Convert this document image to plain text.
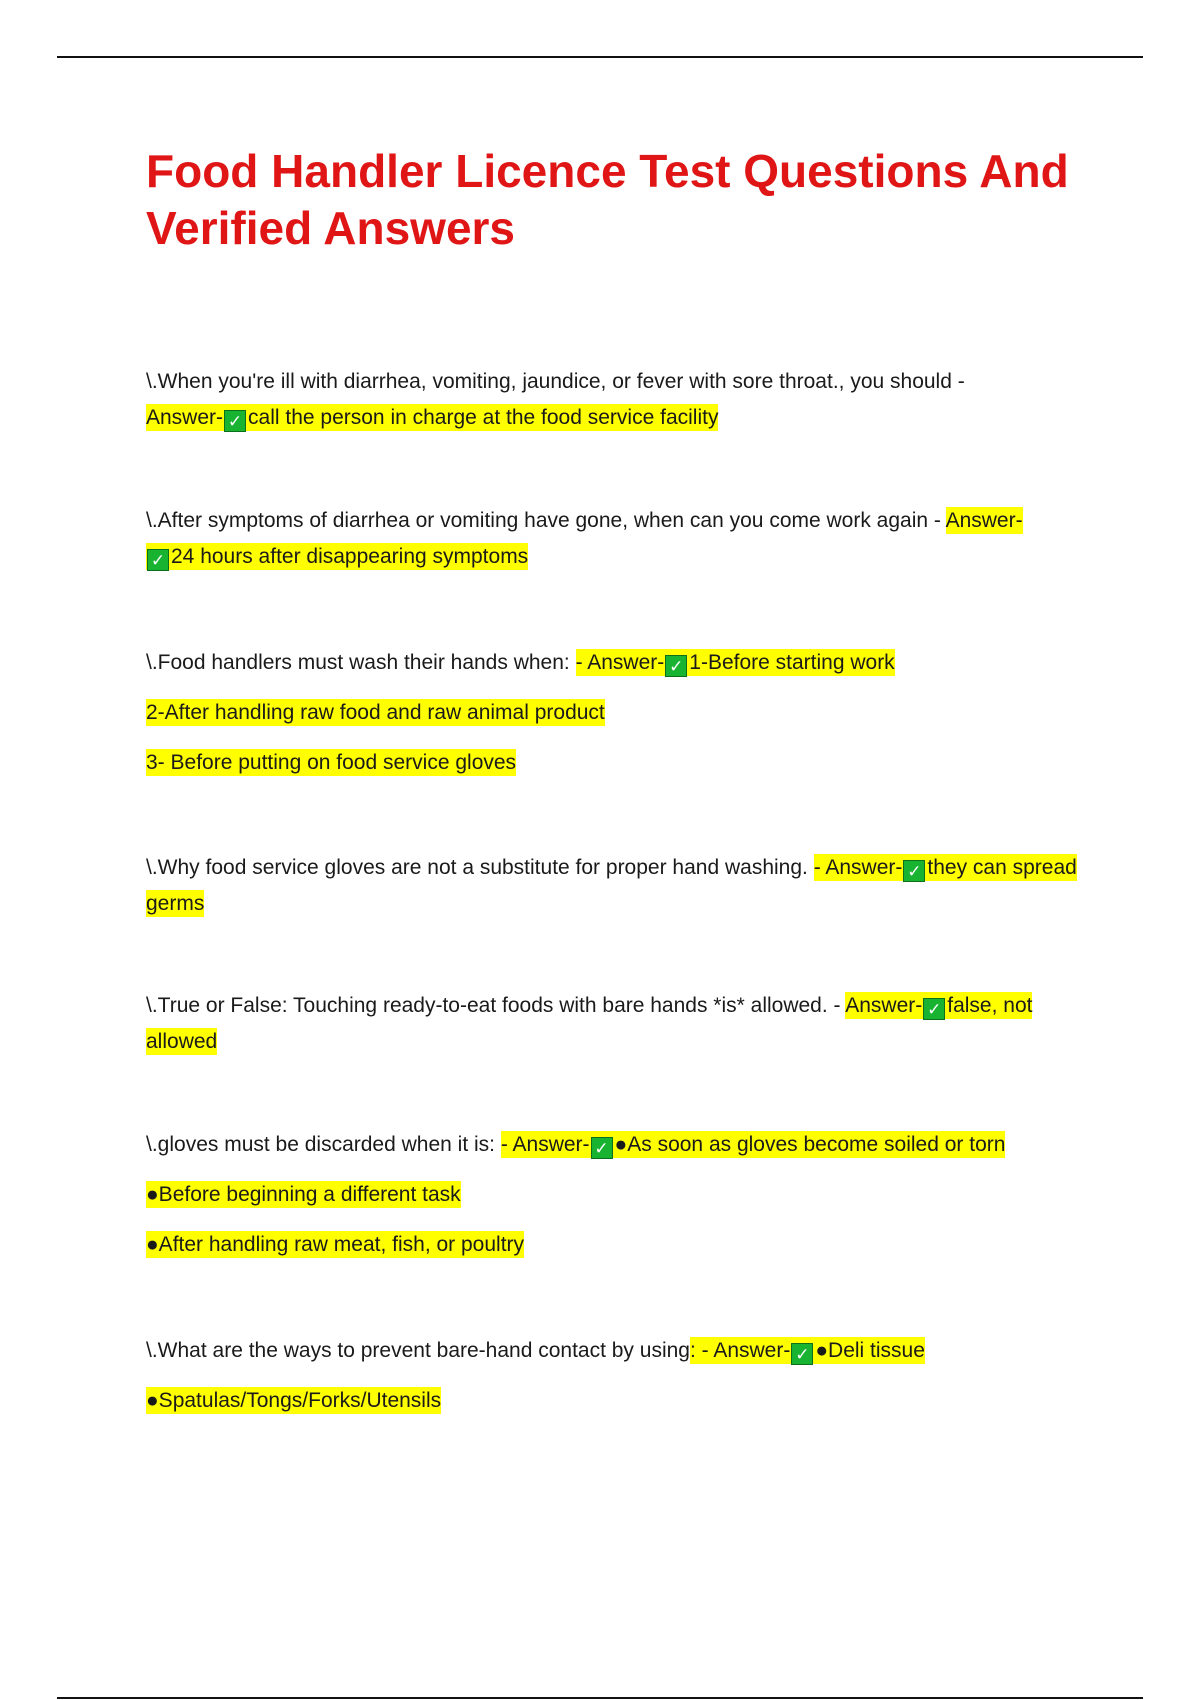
Food Handler Licence Test Questions And Verified Answers

\.When you're ill with diarrhea, vomiting, jaundice, or fever with sore throat., you should -
Answer- ✓ call the person in charge at the food service facility

\.After symptoms of diarrhea or vomiting have gone, when can you come work again - Answer-
✓ 24 hours after disappearing symptoms

\.Food handlers must wash their hands when: - Answer- ✓ 1-Before starting work
2-After handling raw food and raw animal product
3- Before putting on food service gloves

\.Why food service gloves are not a substitute for proper hand washing. - Answer- ✓ they can spread germs

\.True or False: Touching ready-to-eat foods with bare hands *is* allowed. - Answer- ✓ false, not allowed

\.gloves must be discarded when it is: - Answer- ✓ ●As soon as gloves become soiled or torn
●Before beginning a different task
●After handling raw meat, fish, or poultry
\.What are the ways to prevent bare-hand contact by using: - Answer- ✓ ●Deli tissue
●Spatulas/Tongs/Forks/Utensils
